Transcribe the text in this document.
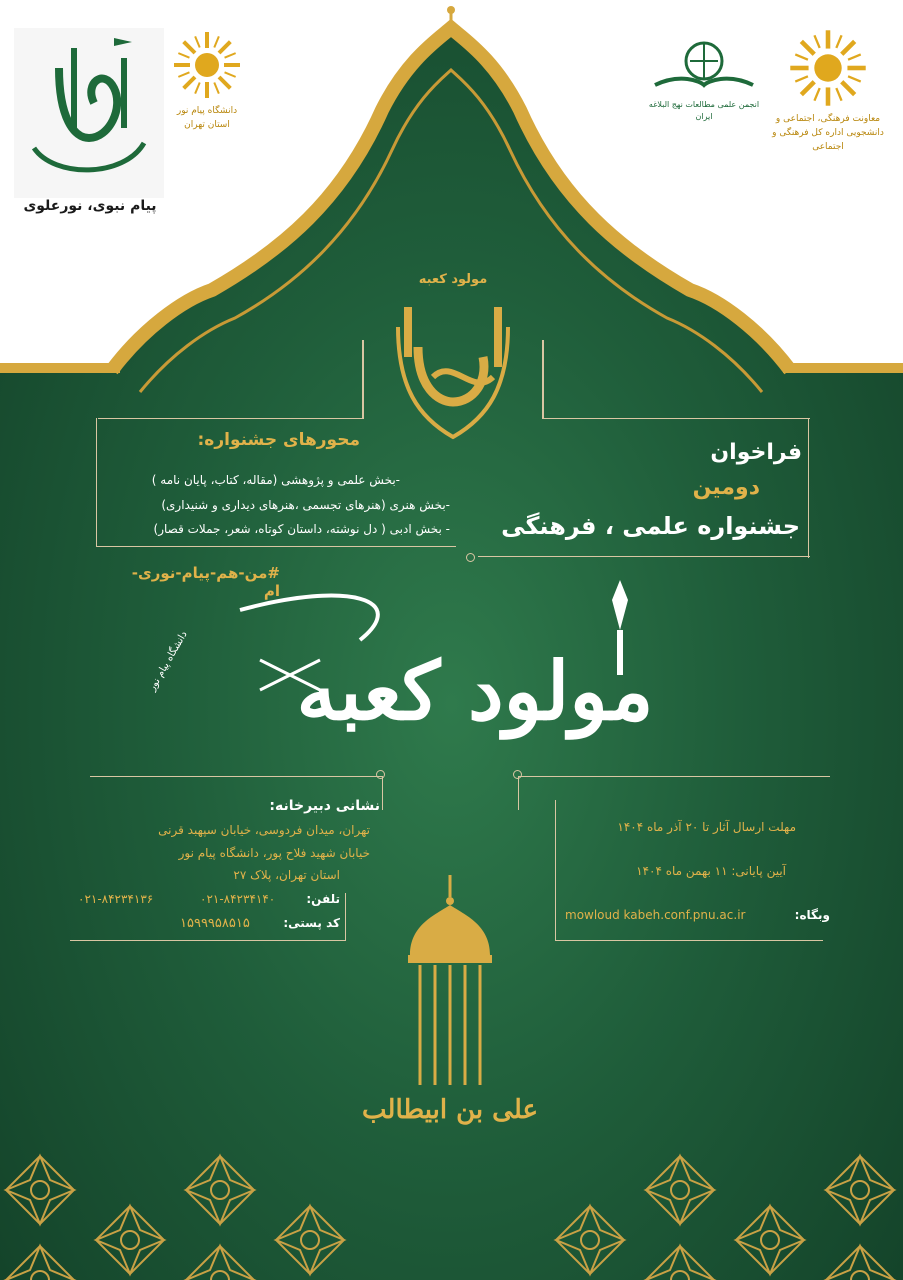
پیام نبوی، نورعلوی
دانشگاه پیام نور استان تهران
انجمن علمی مطالعات نهج البلاغه ایران	معاونت فرهنگی، اجتماعی و دانشجویی اداره کل فرهنگی و اجتماعی
مولود کعبه
محورهای جشنواره:
-بخش علمی و پژوهشی (مقاله، کتاب، پایان نامه )
-بخش هنری (هنرهای تجسمی ،هنرهای دیداری و شنیداری)
- بخش ادبی ( دل نوشته، داستان کوتاه، شعر، جملات قصار)
فراخوان
دومین
جشنواره علمی ، فرهنگی
#من-هم-پیام-نوری-ام
مولود کعبه
دانشگاه پیام نور
نشانی دبیرخانه:
تهران، میدان فردوسی، خیابان سپهبد قرنی
خیابان شهید فلاح پور، دانشگاه پیام نور
استان تهران، پلاک ۲۷
تلفن:
۰۲۱-۸۴۲۳۴۱۴۰
۰۲۱-۸۴۲۳۴۱۳۶
کد پستی:
۱۵۹۹۹۵۸۵۱۵
مهلت ارسال آثار تا ۲۰ آذر ماه ۱۴۰۴
آیین پایانی: ۱۱ بهمن ماه ۱۴۰۴
وبگاه:
mowloud kabeh.conf.pnu.ac.ir
علی بن ابیطالب
